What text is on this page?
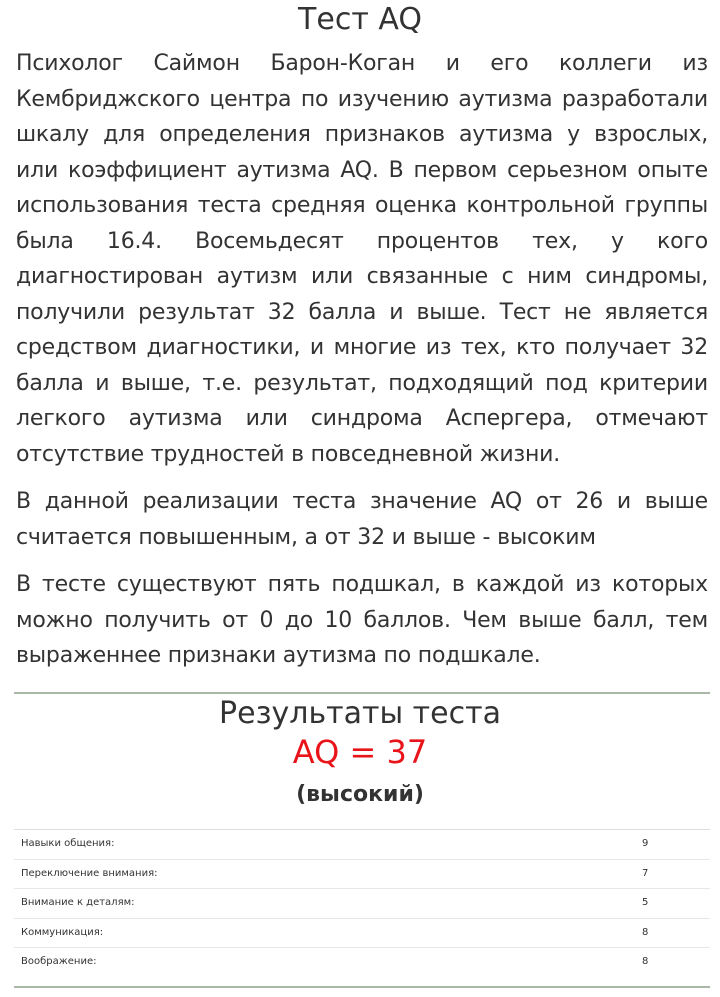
Тест AQ

Психолог Саймон Барон-Коган и его коллеги из Кембриджского центра по изучению аутизма разработали шкалу для определения признаков аутизма у взрослых, или коэффициент аутизма AQ. В первом серьезном опыте использования теста средняя оценка контрольной группы была 16.4. Восемьдесят процентов тех, у кого диагностирован аутизм или связанные с ним синдромы, получили результат 32 балла и выше. Тест не является средством диагностики, и многие из тех, кто получает 32 балла и выше, т.е. результат, подходящий под критерии легкого аутизма или синдрома Аспергера, отмечают отсутствие трудностей в повседневной жизни.

В данной реализации теста значение AQ от 26 и выше считается повышенным, а от 32 и выше - высоким

В тесте существуют пять подшкал, в каждой из которых можно получить от 0 до 10 баллов. Чем выше балл, тем выраженнее признаки аутизма по подшкале.

Результаты теста
AQ = 37
(высокий)
Навыки общения:	9
Переключение внимания:	7
Внимание к деталям:	5
Коммуникация:	8
Воображение:	8
